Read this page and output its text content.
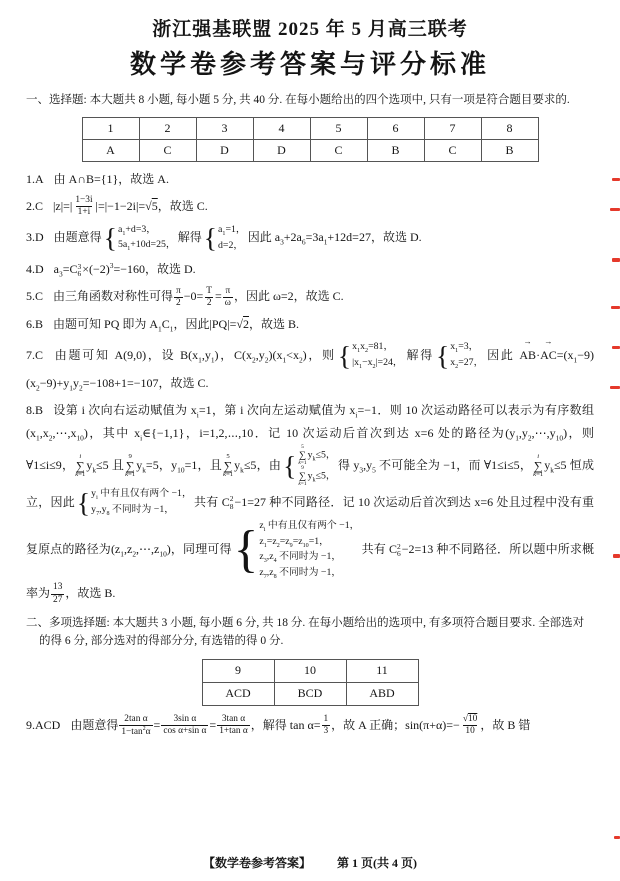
浙江强基联盟 2025 年 5 月高三联考
数学卷参考答案与评分标准

一、选择题: 本大题共 8 小题, 每小题 5 分, 共 40 分. 在每小题给出的四个选项中, 只有一项是符合题目要求的.

1	2	3	4	5	6	7	8
A	C	D	D	C	B	C	B

1.A 由 A∩B={1}，故选 A.

2.C $|z|=| \frac{1-3i}{1+i} |=|-1-2i|=√5$，故选 C.

3.D 由题意得
{ $a_1+d=3$，
$5a_1+10d=25$，
解得
{ $a_1=1$，
d=2，
因此 $a_3+2a_6=3a_1+12d=27$，故选 D.

4.D $a_3=C$ 3
$6 \times(-2)^3=-160$，故选 D.

5.C 由三角函数对称性可得 $\frac{\pi}{2} -0= \frac{T}{2} = \frac{\pi}{\omega}$ ，因此 ω=2，故选 C.

6.B 由题可知 PQ 即为 $A_1C_1$，因此|PQ|=√2，故选 B.

7.C 由题可知 A(9,0)，设 $B(x_1,y_1)$，$C(x_2,y_2)(x_1<x_2)$，则
{ $x_1x_2=81$，
$|x_1-x_2|=24$，
解得
{ $x_1=3$，
$x_2=27$，
因此 AB $\to\cdot AC \to=(x_1-9)(x_2-9)+y_1y_2=-108+1=-107$，故选 C.

8.B 设第 i 次向右运动赋值为 $x_i=1$，第 i 次向左运动赋值为 $x_i=-1$．则 10 次运动路径可以表示为有序数组$(x_1,x_2,\cdots,x_{10})$，其中 $x_i\in\{-1,1\}$，i=1,2,⋯,10．记 10 次运动后首次到达 x=6 处的路径为$(y_1,y_2,\cdots,y_{10})$，则 ∀1≤i≤9，
i
∑
k=1
$y_k\le 5$ 且
9
∑
k=1
$y_k=5$，$y_{10}=1$，且
5
∑
k=1
$y_k\le 5$，由
{ 5
∑
k=1
$y_k\le 5$，
9
∑
k=1
$y_k\le 5$，
得 $y_3,y_5$ 不可能全为 −1，而 ∀1≤i≤5，
i
∑
k=1
$y_k\le 5$ 恒成立，因此
{ $y_i$ 中有且仅有两个 −1，
$y_7,y_8$ 不同时为 −1，
共有 C 2
8 −1=27 种不同路径．记 10 次运动后首次到达 x=6 处且过程中没有重复原点的路径为$(z_1,z_2,\cdots,z_{10})$，同理可得
{ $z_i$ 中有且仅有两个 −1，
$z_1=z_2=z_9=z_{10}=1$，
$z_3,z_4$ 不同时为 −1，
$z_7,z_8$ 不同时为 −1，
共有 C 2
6 −2=13 种不同路径．所以题中所求概率为 $\frac{13}{27}$ ，故选 B.

二、多项选择题: 本大题共 3 小题, 每小题 6 分, 共 18 分. 在每小题给出的选项中, 有多项符合题目要求. 全部选对的得 6 分, 部分选对的得部分分, 有选错的得 0 分.

9	10	11
ACD	BCD	ABD

9.ACD 由题意得 $\frac{\text{2tan α}}{1-\tan^2\alpha} = \frac{\text{3sin α}}{\text{cos α+sin α}} = \frac{\text{3tan α}}{\text{1+tan α}}$ ，解得 $\tan \alpha= \frac{1}{3}$ ，故 A 正确；$\sin(\pi+\alpha)=- \frac{√10}{10}$ ，故 B 错

【数学卷参考答案】 第 1 页(共 4 页)
